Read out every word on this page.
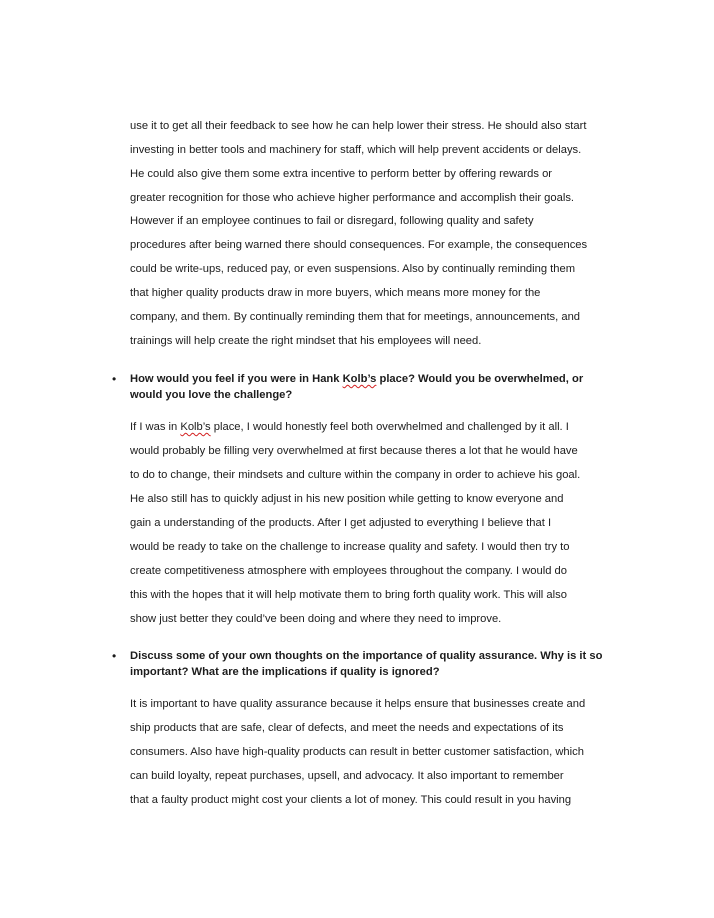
use it to get all their feedback to see how he can help lower their stress. He should also start
investing in better tools and machinery for staff, which will help prevent accidents or delays.
He could also give them some extra incentive to perform better by offering rewards or
greater recognition for those who achieve higher performance and accomplish their goals.
However if an employee continues to fail or disregard, following quality and safety
procedures after being warned there should consequences. For example, the consequences
could be write-ups, reduced pay, or even suspensions. Also by continually reminding them
that higher quality products draw in more buyers, which means more money for the
company, and them. By continually reminding them that for meetings, announcements, and
trainings will help create the right mindset that his employees will need.
• How would you feel if you were in Hank Kolb’s place? Would you be overwhelmed, or
would you love the challenge?
If I was in Kolb’s place, I would honestly feel both overwhelmed and challenged by it all. I
would probably be filling very overwhelmed at first because theres a lot that he would have
to do to change, their mindsets and culture within the company in order to achieve his goal.
He also still has to quickly adjust in his new position while getting to know everyone and
gain a understanding of the products. After I get adjusted to everything I believe that I
would be ready to take on the challenge to increase quality and safety. I would then try to
create competitiveness atmosphere with employees throughout the company. I would do
this with the hopes that it will help motivate them to bring forth quality work. This will also
show just better they could’ve been doing and where they need to improve.
• Discuss some of your own thoughts on the importance of quality assurance. Why is it so
important? What are the implications if quality is ignored?
It is important to have quality assurance because it helps ensure that businesses create and
ship products that are safe, clear of defects, and meet the needs and expectations of its
consumers. Also have high-quality products can result in better customer satisfaction, which
can build loyalty, repeat purchases, upsell, and advocacy. It also important to remember
that a faulty product might cost your clients a lot of money. This could result in you having
